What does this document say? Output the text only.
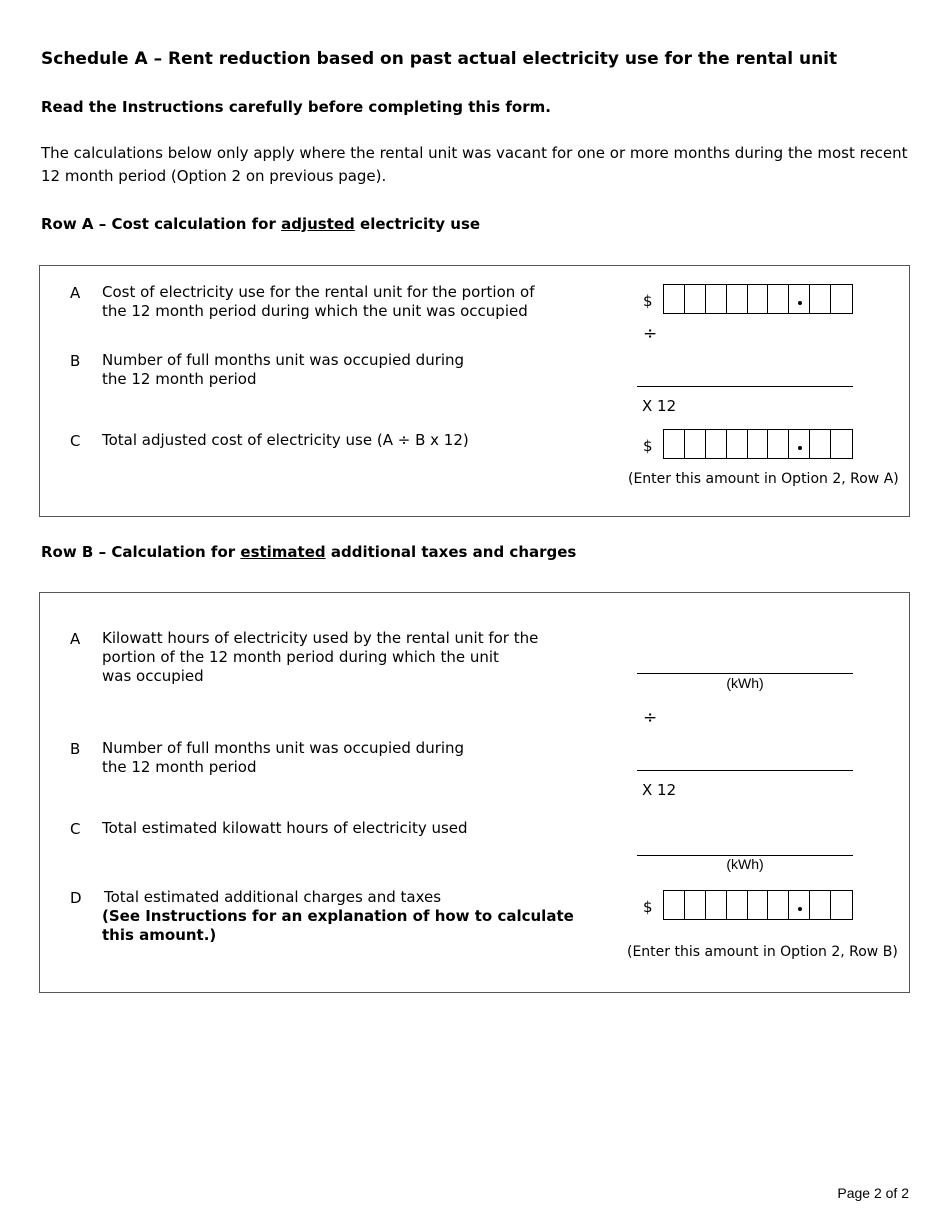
Schedule A – Rent reduction based on past actual electricity use for the rental unit
Read the Instructions carefully before completing this form.
The calculations below only apply where the rental unit was vacant for one or more months during the most recent 12 month period (Option 2 on previous page).
Row A – Cost calculation for adjusted electricity use
A Cost of electricity use for the rental unit for the portion of
the 12 month period during which the unit was occupied
$
÷
B Number of full months unit was occupied during
the 12 month period
X 12
C Total adjusted cost of electricity use (A ÷ B x 12)	$
(Enter this amount in Option 2, Row A)
Row B – Calculation for estimated additional taxes and charges
A Kilowatt hours of electricity used by the rental unit for the
portion of the 12 month period during which the unit
was occupied	(kWh)
÷
B Number of full months unit was occupied during
the 12 month period
X 12
C Total estimated kilowatt hours of electricity used
(kWh)
D Total estimated additional charges and taxes
(See Instructions for an explanation of how to calculate
this amount.)
$
(Enter this amount in Option 2, Row B)
Page 2 of 2
